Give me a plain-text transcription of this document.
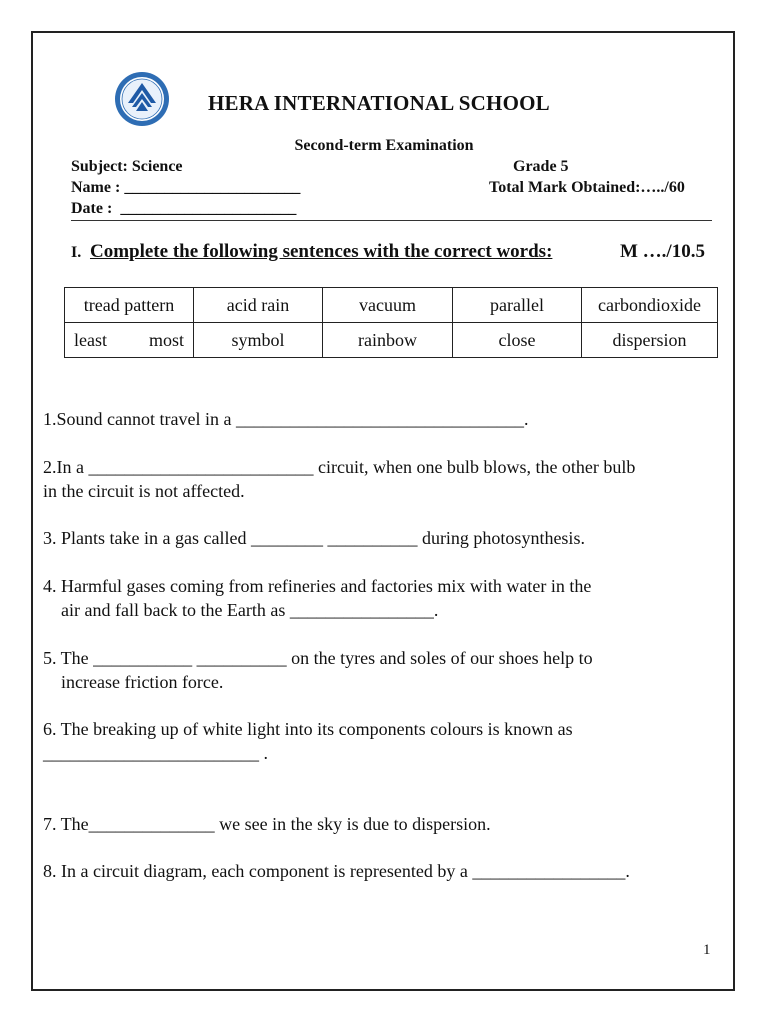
HERA INTERNATIONAL SCHOOL
Second-term Examination
Subject: Science	Grade 5
Name : ______________________	Total Mark Obtained:…../60
Date :  ______________________
I. Complete the following sentences with the correct words:	M …./10.5
tread pattern	acid rain	vacuum	parallel	carbondioxide

least most	symbol	rainbow	close	dispersion
1.Sound cannot travel in a ________________________________.
2.In a _________________________ circuit, when one bulb blows, the other bulb
in the circuit is not affected.
3. Plants take in a gas called ________ __________ during photosynthesis.
4. Harmful gases coming from refineries and factories mix with water in the
air and fall back to the Earth as ________________.
5. The ___________ __________ on the tyres and soles of our shoes help to
increase friction force.
6. The breaking up of white light into its components colours is known as
________________________ .
7. The______________ we see in the sky is due to dispersion.
8. In a circuit diagram, each component is represented by a _________________.
1
